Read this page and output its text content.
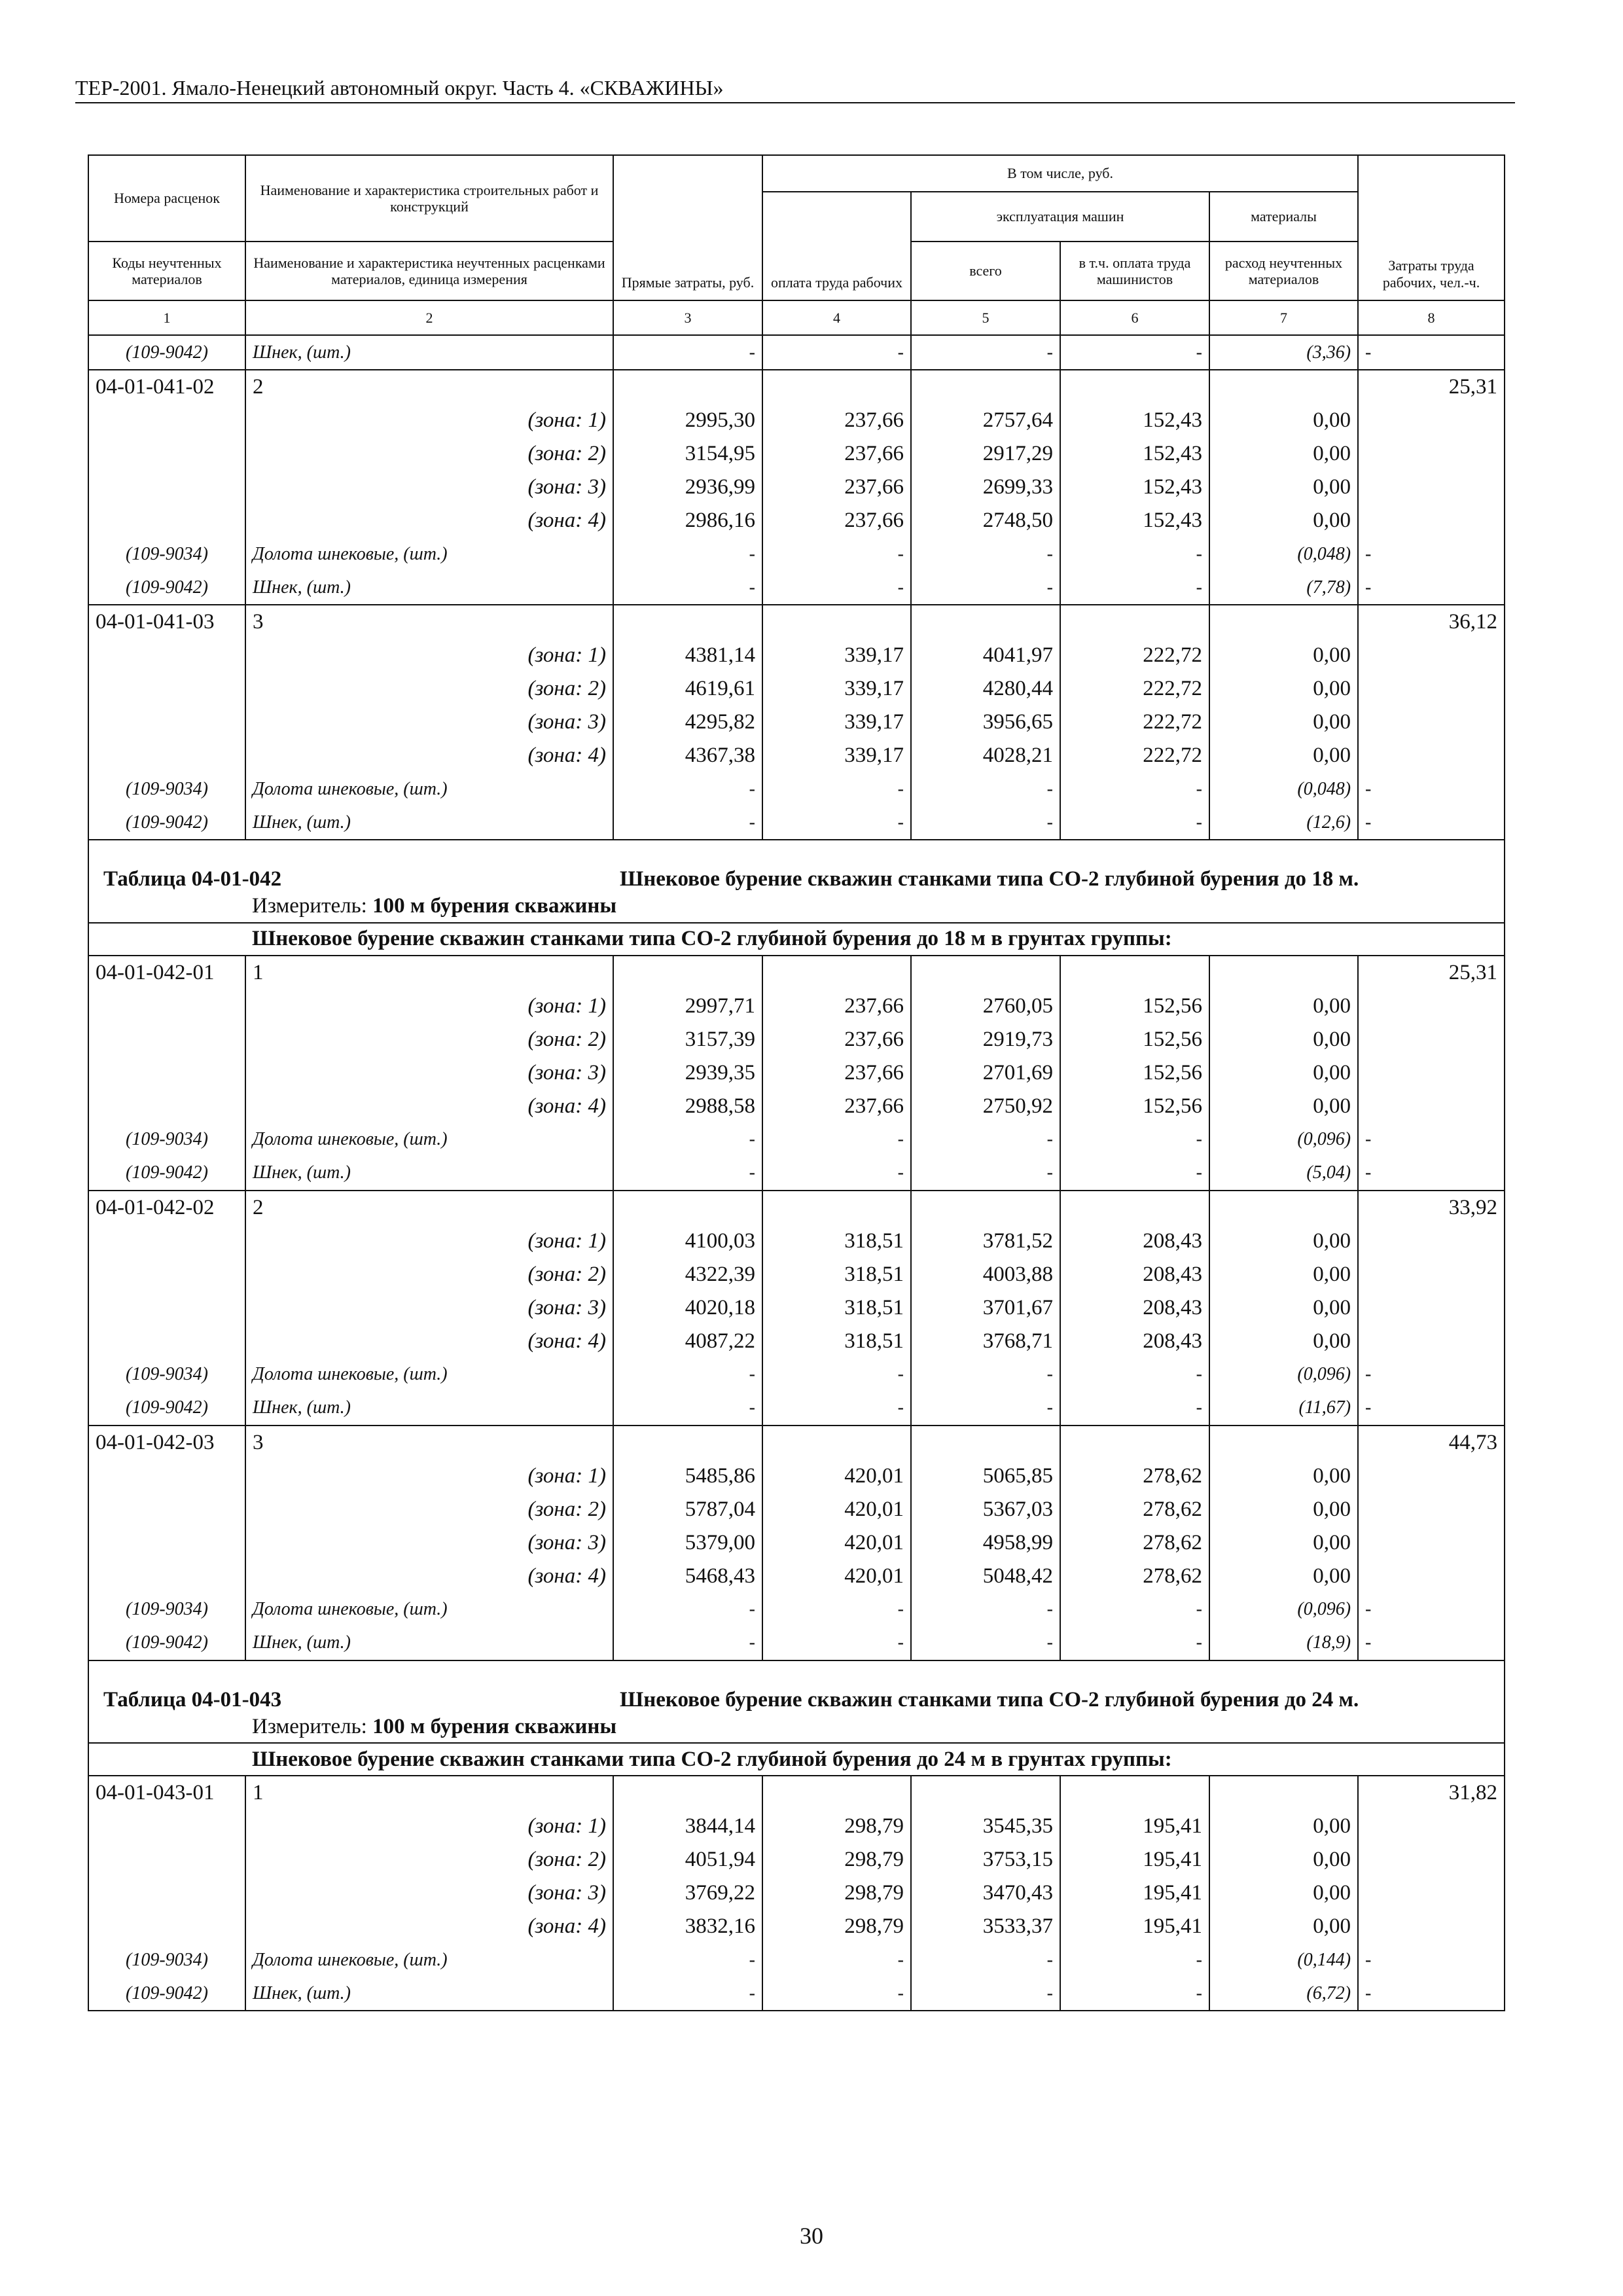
ТЕР-2001. Ямало-Ненецкий автономный округ. Часть 4. «СКВАЖИНЫ»
Номера расценок	Наименование и характеристика строительных работ и конструкций	Прямые затраты, руб.	В том числе, руб.				Затраты труда рабочих, чел.-ч.
			оплата труда рабочих	эксплуатация машин		материалы	
				всего	в т.ч. оплата труда машинистов	расход неучтенных материалов	
Коды неучтенных материалов	Наименование и характеристика неучтенных расценками материалов, единица измерения						
1	2	3	4	5	6	7	8
(109-9042)	Шнек, (шт.)	-	-	-	-	(3,36)	-
04-01-041-02	2						25,31
	(зона: 1)	2995,30	237,66	2757,64	152,43	0,00	
	(зона: 2)	3154,95	237,66	2917,29	152,43	0,00	
	(зона: 3)	2936,99	237,66	2699,33	152,43	0,00	
	(зона: 4)	2986,16	237,66	2748,50	152,43	0,00	
(109-9034)	Долота шнековые, (шт.)	-	-	-	-	(0,048)	-
(109-9042)	Шнек, (шт.)	-	-	-	-	(7,78)	-
04-01-041-03	3						36,12
	(зона: 1)	4381,14	339,17	4041,97	222,72	0,00	
	(зона: 2)	4619,61	339,17	4280,44	222,72	0,00	
	(зона: 3)	4295,82	339,17	3956,65	222,72	0,00	
	(зона: 4)	4367,38	339,17	4028,21	222,72	0,00	
(109-9034)	Долота шнековые, (шт.)	-	-	-	-	(0,048)	-
(109-9042)	Шнек, (шт.)	-	-	-	-	(12,6)	-
Таблица 04-01-042		Шнековое бурение скважин станками типа СО-2 глубиной бурения до 18 м.					
	Измеритель: 100 м бурения скважины						
	Шнековое бурение скважин станками типа СО-2 глубиной бурения до 18 м в грунтах группы:						
04-01-042-01	1						25,31
	(зона: 1)	2997,71	237,66	2760,05	152,56	0,00	
	(зона: 2)	3157,39	237,66	2919,73	152,56	0,00	
	(зона: 3)	2939,35	237,66	2701,69	152,56	0,00	
	(зона: 4)	2988,58	237,66	2750,92	152,56	0,00	
(109-9034)	Долота шнековые, (шт.)	-	-	-	-	(0,096)	-
(109-9042)	Шнек, (шт.)	-	-	-	-	(5,04)	-
04-01-042-02	2						33,92
	(зона: 1)	4100,03	318,51	3781,52	208,43	0,00	
	(зона: 2)	4322,39	318,51	4003,88	208,43	0,00	
	(зона: 3)	4020,18	318,51	3701,67	208,43	0,00	
	(зона: 4)	4087,22	318,51	3768,71	208,43	0,00	
(109-9034)	Долота шнековые, (шт.)	-	-	-	-	(0,096)	-
(109-9042)	Шнек, (шт.)	-	-	-	-	(11,67)	-
04-01-042-03	3						44,73
	(зона: 1)	5485,86	420,01	5065,85	278,62	0,00	
	(зона: 2)	5787,04	420,01	5367,03	278,62	0,00	
	(зона: 3)	5379,00	420,01	4958,99	278,62	0,00	
	(зона: 4)	5468,43	420,01	5048,42	278,62	0,00	
(109-9034)	Долота шнековые, (шт.)	-	-	-	-	(0,096)	-
(109-9042)	Шнек, (шт.)	-	-	-	-	(18,9)	-
Таблица 04-01-043		Шнековое бурение скважин станками типа СО-2 глубиной бурения до 24 м.					
	Измеритель: 100 м бурения скважины						
	Шнековое бурение скважин станками типа СО-2 глубиной бурения до 24 м в грунтах группы:						
04-01-043-01	1						31,82
	(зона: 1)	3844,14	298,79	3545,35	195,41	0,00	
	(зона: 2)	4051,94	298,79	3753,15	195,41	0,00	
	(зона: 3)	3769,22	298,79	3470,43	195,41	0,00	
	(зона: 4)	3832,16	298,79	3533,37	195,41	0,00	
(109-9034)	Долота шнековые, (шт.)	-	-	-	-	(0,144)	-
(109-9042)	Шнек, (шт.)	-	-	-	-	(6,72)	-
30
